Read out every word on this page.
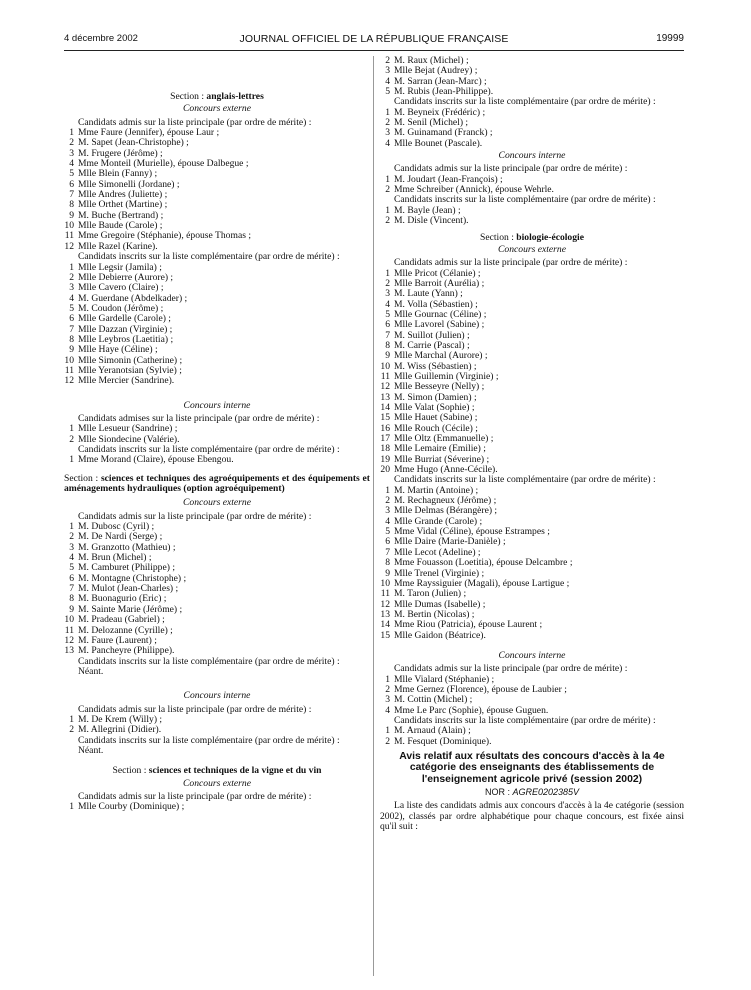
4 décembre 2002	JOURNAL OFFICIEL DE LA RÉPUBLIQUE FRANÇAISE	19999
Section : anglais-lettres
Concours externe
Candidats admis sur la liste principale (par ordre de mérite) :
1 Mme Faure (Jennifer), épouse Laur ;
2 M. Sapet (Jean-Christophe) ;
3 M. Frugere (Jérôme) ;
4 Mme Monteil (Murielle), épouse Dalbegue ;
5 Mlle Blein (Fanny) ;
6 Mlle Simonelli (Jordane) ;
7 Mlle Andres (Juliette) ;
8 Mlle Orthet (Martine) ;
9 M. Buche (Bertrand) ;
10 Mlle Baude (Carole) ;
11 Mme Gregoire (Stéphanie), épouse Thomas ;
12 Mlle Razel (Karine).
Candidats inscrits sur la liste complémentaire (par ordre de mérite) :
1 Mlle Legsir (Jamila) ;
2 Mlle Debierre (Aurore) ;
3 Mlle Cavero (Claire) ;
4 M. Guerdane (Abdelkader) ;
5 M. Coudon (Jérôme) ;
6 Mlle Gardelle (Carole) ;
7 Mlle Dazzan (Virginie) ;
8 Mlle Leybros (Laetitia) ;
9 Mlle Haye (Céline) ;
10 Mlle Simonin (Catherine) ;
11 Mlle Yeranotsian (Sylvie) ;
12 Mlle Mercier (Sandrine).
Concours interne
Candidats admises sur la liste principale (par ordre de mérite) :
1 Mlle Lesueur (Sandrine) ;
2 Mlle Siondecine (Valérie).
Candidats inscrits sur la liste complémentaire (par ordre de mérite) :
1 Mme Morand (Claire), épouse Ebengou.
Section : sciences et techniques des agroéquipements et des équipements et aménagements hydrauliques (option agroéquipement)
Concours externe
Candidats admis sur la liste principale (par ordre de mérite) :
1 M. Dubosc (Cyril) ;
2 M. De Nardi (Serge) ;
3 M. Granzotto (Mathieu) ;
4 M. Brun (Michel) ;
5 M. Camburet (Philippe) ;
6 M. Montagne (Christophe) ;
7 M. Mulot (Jean-Charles) ;
8 M. Buonagurio (Eric) ;
9 M. Sainte Marie (Jérôme) ;
10 M. Pradeau (Gabriel) ;
11 M. Delozanne (Cyrille) ;
12 M. Faure (Laurent) ;
13 M. Pancheyre (Philippe).
Candidats inscrits sur la liste complémentaire (par ordre de mérite) :
Néant.
Concours interne
Candidats admis sur la liste principale (par ordre de mérite) :
1 M. De Krem (Willy) ;
2 M. Allegrini (Didier).
Candidats inscrits sur la liste complémentaire (par ordre de mérite) :
Néant.
Section : sciences et techniques de la vigne et du vin
Concours externe
Candidats admis sur la liste principale (par ordre de mérite) :
1 Mlle Courby (Dominique) ;
2 M. Raux (Michel) ;
3 Mlle Bejat (Audrey) ;
4 M. Sarran (Jean-Marc) ;
5 M. Rubis (Jean-Philippe).
Candidats inscrits sur la liste complémentaire (par ordre de mérite) :
1 M. Beyneix (Frédéric) ;
2 M. Senil (Michel) ;
3 M. Guinamand (Franck) ;
4 Mlle Bounet (Pascale).
Concours interne
Candidats admis sur la liste principale (par ordre de mérite) :
1 M. Joudart (Jean-François) ;
2 Mme Schreiber (Annick), épouse Wehrle.
Candidats inscrits sur la liste complémentaire (par ordre de mérite) :
1 M. Bayle (Jean) ;
2 M. Disle (Vincent).
Section : biologie-écologie
Concours externe
Candidats admis sur la liste principale (par ordre de mérite) :
1 Mlle Pricot (Célanie) ;
2 Mlle Barroit (Aurélia) ;
3 M. Laute (Yann) ;
4 M. Volla (Sébastien) ;
5 Mlle Gournac (Céline) ;
6 Mlle Lavorel (Sabine) ;
7 M. Suillot (Julien) ;
8 M. Carrie (Pascal) ;
9 Mlle Marchal (Aurore) ;
10 M. Wiss (Sébastien) ;
11 Mlle Guillemin (Virginie) ;
12 Mlle Besseyre (Nelly) ;
13 M. Simon (Damien) ;
14 Mlle Valat (Sophie) ;
15 Mlle Hauet (Sabine) ;
16 Mlle Rouch (Cécile) ;
17 Mlle Oltz (Emmanuelle) ;
18 Mlle Lemaire (Emilie) ;
19 Mlle Burriat (Séverine) ;
20 Mme Hugo (Anne-Cécile).
Candidats inscrits sur la liste complémentaire (par ordre de mérite) :
1 M. Martin (Antoine) ;
2 M. Rechagneux (Jérôme) ;
3 Mlle Delmas (Bérangère) ;
4 Mlle Grande (Carole) ;
5 Mme Vidal (Céline), épouse Estrampes ;
6 Mlle Daire (Marie-Danièle) ;
7 Mlle Lecot (Adeline) ;
8 Mme Fouasson (Loetitia), épouse Delcambre ;
9 Mlle Trenel (Virginie) ;
10 Mme Rayssiguier (Magali), épouse Lartigue ;
11 M. Taron (Julien) ;
12 Mlle Dumas (Isabelle) ;
13 M. Bertin (Nicolas) ;
14 Mme Riou (Patricia), épouse Laurent ;
15 Mlle Gaidon (Béatrice).
Concours interne
Candidats admis sur la liste principale (par ordre de mérite) :
1 Mlle Vialard (Stéphanie) ;
2 Mme Gernez (Florence), épouse de Laubier ;
3 M. Cottin (Michel) ;
4 Mme Le Parc (Sophie), épouse Guguen.
Candidats inscrits sur la liste complémentaire (par ordre de mérite) :
1 M. Arnaud (Alain) ;
2 M. Fesquet (Dominique).
Avis relatif aux résultats des concours d'accès à la 4e catégorie des enseignants des établissements de l'enseignement agricole privé (session 2002)
NOR : AGRE0202385V
La liste des candidats admis aux concours d'accès à la 4e catégorie (session 2002), classés par ordre alphabétique pour chaque concours, est fixée ainsi qu'il suit :
